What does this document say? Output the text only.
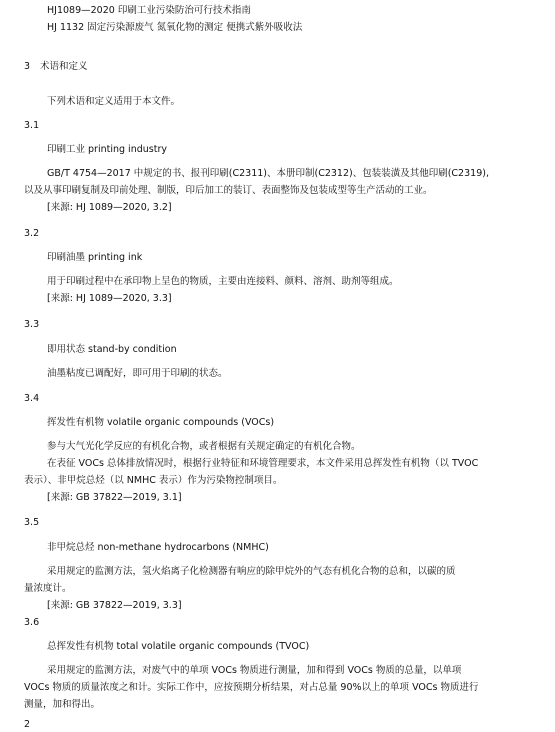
HJ1089—2020 印刷工业污染防治可行技术指南
HJ 1132 固定污染源废气 氮氧化物的测定 便携式紫外吸收法
3 术语和定义
下列术语和定义适用于本文件。
3.1
印刷工业 printing industry
GB/T 4754—2017 中规定的书、报刊印刷(C2311)、本册印制(C2312)、包装装潢及其他印刷(C2319),
以及从事印刷复制及印前处理、制版，印后加工的装订、表面整饰及包装成型等生产活动的工业。
[来源: HJ 1089—2020, 3.2]
3.2
印刷油墨 printing ink
用于印刷过程中在承印物上呈色的物质，主要由连接料、颜料、溶剂、助剂等组成。
[来源: HJ 1089—2020, 3.3]
3.3
即用状态 stand-by condition
油墨粘度已调配好，即可用于印刷的状态。
3.4
挥发性有机物 volatile organic compounds (VOCs)
参与大气光化学反应的有机化合物，或者根据有关规定确定的有机化合物。
在表征 VOCs 总体排放情况时，根据行业特征和环境管理要求，本文件采用总挥发性有机物（以 TVOC
表示）、非甲烷总烃（以 NMHC 表示）作为污染物控制项目。
[来源: GB 37822—2019, 3.1]
3.5
非甲烷总烃 non-methane hydrocarbons (NMHC)
采用规定的监测方法，氢火焰离子化检测器有响应的除甲烷外的气态有机化合物的总和，以碳的质
量浓度计。
[来源: GB 37822—2019, 3.3]
3.6
总挥发性有机物 total volatile organic compounds (TVOC)
采用规定的监测方法，对废气中的单项 VOCs 物质进行测量，加和得到 VOCs 物质的总量，以单项
VOCs 物质的质量浓度之和计。实际工作中，应按预期分析结果，对占总量 90%以上的单项 VOCs 物质进行
测量，加和得出。
2
